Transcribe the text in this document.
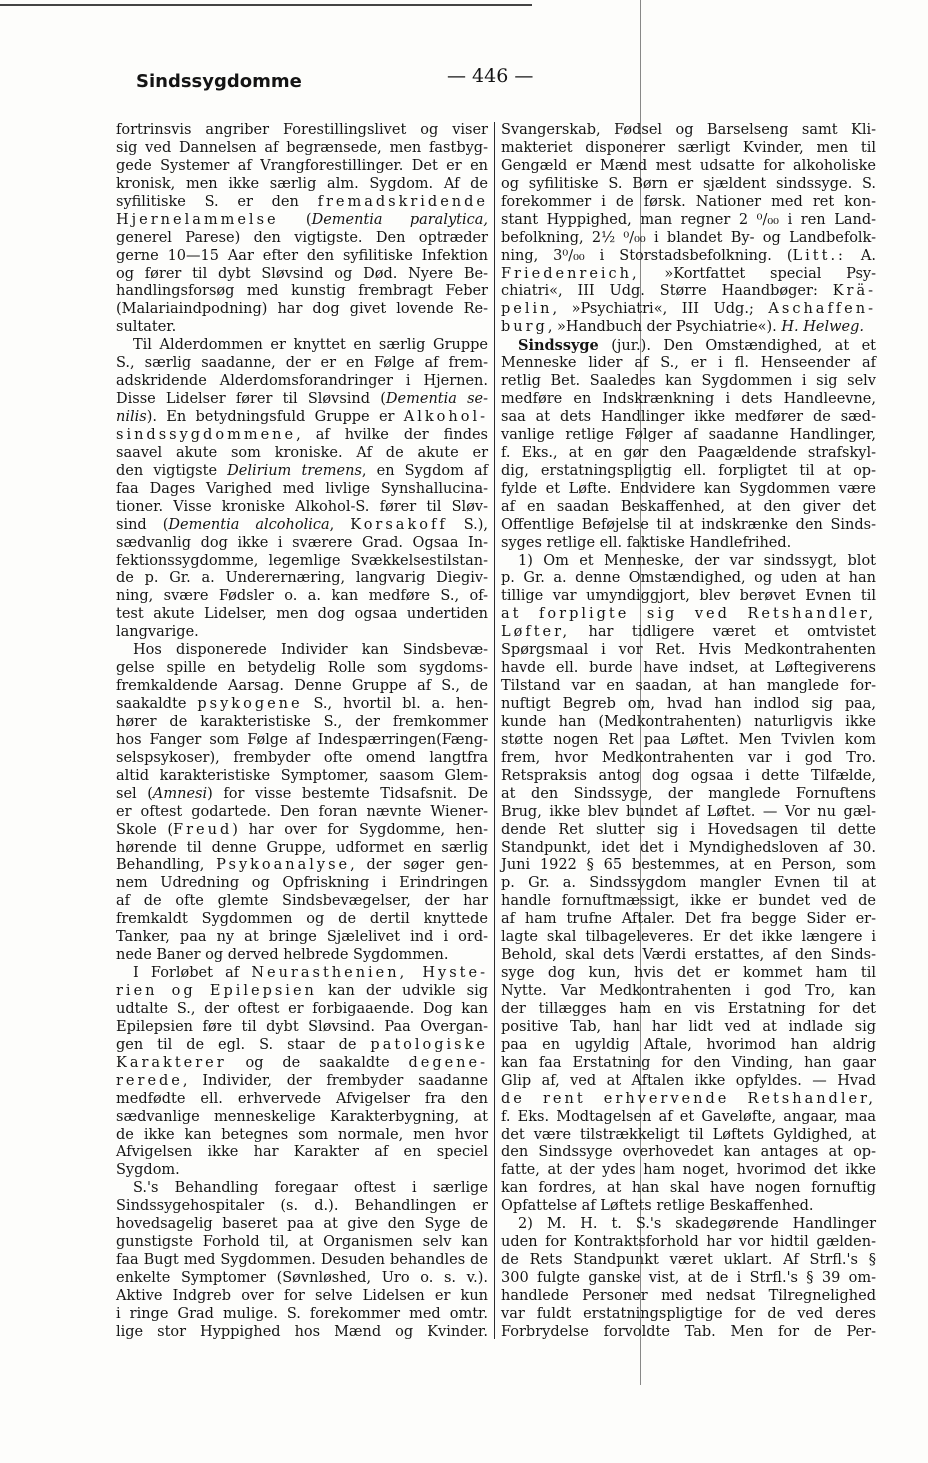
Sindssygdomme	— 446 —
fortrinsvis angriber Forestillingslivet og viser
sig ved Dannelsen af begrænsede, men fastbyg-
gede Systemer af Vrangforestillinger. Det er en
kronisk, men ikke særlig alm. Sygdom. Af de
syfilitiske S. er den fremadskridende
Hjernelammelse (Dementia paralytica,
generel Parese) den vigtigste. Den optræder
gerne 10—15 Aar efter den syfilitiske Infektion
og fører til dybt Sløvsind og Død. Nyere Be-
handlingsforsøg med kunstig frembragt Feber
(Malariaindpodning) har dog givet lovende Re-
sultater.
Til Alderdommen er knyttet en særlig Gruppe
S., særlig saadanne, der er en Følge af frem-
adskridende Alderdomsforandringer i Hjernen.
Disse Lidelser fører til Sløvsind (Dementia se-
nilis). En betydningsfuld Gruppe er Alkohol-
sindssygdommene, af hvilke der findes
saavel akute som kroniske. Af de akute er
den vigtigste Delirium tremens, en Sygdom af
faa Dages Varighed med livlige Synshallucina-
tioner. Visse kroniske Alkohol-S. fører til Sløv-
sind (Dementia alcoholica, Korsakoff S.),
sædvanlig dog ikke i sværere Grad. Ogsaa In-
fektionssygdomme, legemlige Svækkelsestilstan-
de p. Gr. a. Underernæring, langvarig Diegiv-
ning, svære Fødsler o. a. kan medføre S., of-
test akute Lidelser, men dog ogsaa undertiden
langvarige.
Hos disponerede Individer kan Sindsbevæ-
gelse spille en betydelig Rolle som sygdoms-
fremkaldende Aarsag. Denne Gruppe af S., de
saakaldte psykogene S., hvortil bl. a. hen-
hører de karakteristiske S., der fremkommer
hos Fanger som Følge af Indespærringen(Fæng-
selspsykoser), frembyder ofte omend langtfra
altid karakteristiske Symptomer, saasom Glem-
sel (Amnesi) for visse bestemte Tidsafsnit. De
er oftest godartede. Den foran nævnte Wiener-
Skole (Freud) har over for Sygdomme, hen-
hørende til denne Gruppe, udformet en særlig
Behandling, Psykoanalyse, der søger gen-
nem Udredning og Opfriskning i Erindringen
af de ofte glemte Sindsbevægelser, der har
fremkaldt Sygdommen og de dertil knyttede
Tanker, paa ny at bringe Sjælelivet ind i ord-
nede Baner og derved helbrede Sygdommen.
I Forløbet af Neurasthenien, Hyste-
rien og Epilepsien kan der udvikle sig
udtalte S., der oftest er forbigaaende. Dog kan
Epilepsien føre til dybt Sløvsind. Paa Overgan-
gen til de egl. S. staar de patologiske
Karakterer og de saakaldte degene-
rerede, Individer, der frembyder saadanne
medfødte ell. erhvervede Afvigelser fra den
sædvanlige menneskelige Karakterbygning, at
de ikke kan betegnes som normale, men hvor
Afvigelsen ikke har Karakter af en speciel
Sygdom.
S.'s Behandling foregaar oftest i særlige
Sindssygehospitaler (s. d.). Behandlingen er
hovedsagelig baseret paa at give den Syge de
gunstigste Forhold til, at Organismen selv kan
faa Bugt med Sygdommen. Desuden behandles de
enkelte Symptomer (Søvnløshed, Uro o. s. v.).
Aktive Indgreb over for selve Lidelsen er kun
i ringe Grad mulige. S. forekommer med omtr.
lige stor Hyppighed hos Mænd og Kvinder.
Svangerskab, Fødsel og Barselseng samt Kli-
makteriet disponerer særligt Kvinder, men til
Gengæld er Mænd mest udsatte for alkoholiske
og syfilitiske S. Børn er sjældent sindssyge. S.
forekommer i de førsk. Nationer med ret kon-
stant Hyppighed, man regner 2 ⁰/₀₀ i ren Land-
befolkning, 2½ ⁰/₀₀ i blandet By- og Landbefolk-
ning, 3⁰/₀₀ i Storstadsbefolkning. (Litt.: A.
Friedenreich, »Kortfattet special Psy-
chiatri«, III Udg. Større Haandbøger: Krä-
pelin, »Psychiatri«, III Udg.; Aschaffen-
burg, »Handbuch der Psychiatrie«). H. Helweg.
Sindssyge (jur.). Den Omstændighed, at et
Menneske lider af S., er i fl. Henseender af
retlig Bet. Saaledes kan Sygdommen i sig selv
medføre en Indskrænkning i dets Handleevne,
saa at dets Handlinger ikke medfører de sæd-
vanlige retlige Følger af saadanne Handlinger,
f. Eks., at en gør den Paagældende strafskyl-
dig, erstatningspligtig ell. forpligtet til at op-
fylde et Løfte. Endvidere kan Sygdommen være
af en saadan Beskaffenhed, at den giver det
Offentlige Beføjelse til at indskrænke den Sinds-
syges retlige ell. faktiske Handlefrihed.
1) Om et Menneske, der var sindssygt, blot
p. Gr. a. denne Omstændighed, og uden at han
tillige var umyndiggjort, blev berøvet Evnen til
at forpligte sig ved Retshandler,
Løfter, har tidligere været et omtvistet
Spørgsmaal i vor Ret. Hvis Medkontrahenten
havde ell. burde have indset, at Løftegiverens
Tilstand var en saadan, at han manglede for-
nuftigt Begreb om, hvad han indlod sig paa,
kunde han (Medkontrahenten) naturligvis ikke
støtte nogen Ret paa Løftet. Men Tvivlen kom
frem, hvor Medkontrahenten var i god Tro.
Retspraksis antog dog ogsaa i dette Tilfælde,
at den Sindssyge, der manglede Fornuftens
Brug, ikke blev bundet af Løftet. — Vor nu gæl-
dende Ret slutter sig i Hovedsagen til dette
Standpunkt, idet det i Myndighedsloven af 30.
Juni 1922 § 65 bestemmes, at en Person, som
p. Gr. a. Sindssygdom mangler Evnen til at
handle fornuftmæssigt, ikke er bundet ved de
af ham trufne Aftaler. Det fra begge Sider er-
lagte skal tilbageleveres. Er det ikke længere i
Behold, skal dets Værdi erstattes, af den Sinds-
syge dog kun, hvis det er kommet ham til
Nytte. Var Medkontrahenten i god Tro, kan
der tillægges ham en vis Erstatning for det
positive Tab, han har lidt ved at indlade sig
paa en ugyldig Aftale, hvorimod han aldrig
kan faa Erstatning for den Vinding, han gaar
Glip af, ved at Aftalen ikke opfyldes. — Hvad
de rent erhvervende Retshandler,
f. Eks. Modtagelsen af et Gaveløfte, angaar, maa
det være tilstrækkeligt til Løftets Gyldighed, at
den Sindssyge overhovedet kan antages at op-
fatte, at der ydes ham noget, hvorimod det ikke
kan fordres, at han skal have nogen fornuftig
Opfattelse af Løftets retlige Beskaffenhed.
2) M. H. t. S.'s skadegørende Handlinger
uden for Kontraktsforhold har vor hidtil gælden-
de Rets Standpunkt været uklart. Af Strfl.'s §
300 fulgte ganske vist, at de i Strfl.'s § 39 om-
handlede Personer med nedsat Tilregnelighed
var fuldt erstatningspligtige for de ved deres
Forbrydelse forvoldte Tab. Men for de Per-
